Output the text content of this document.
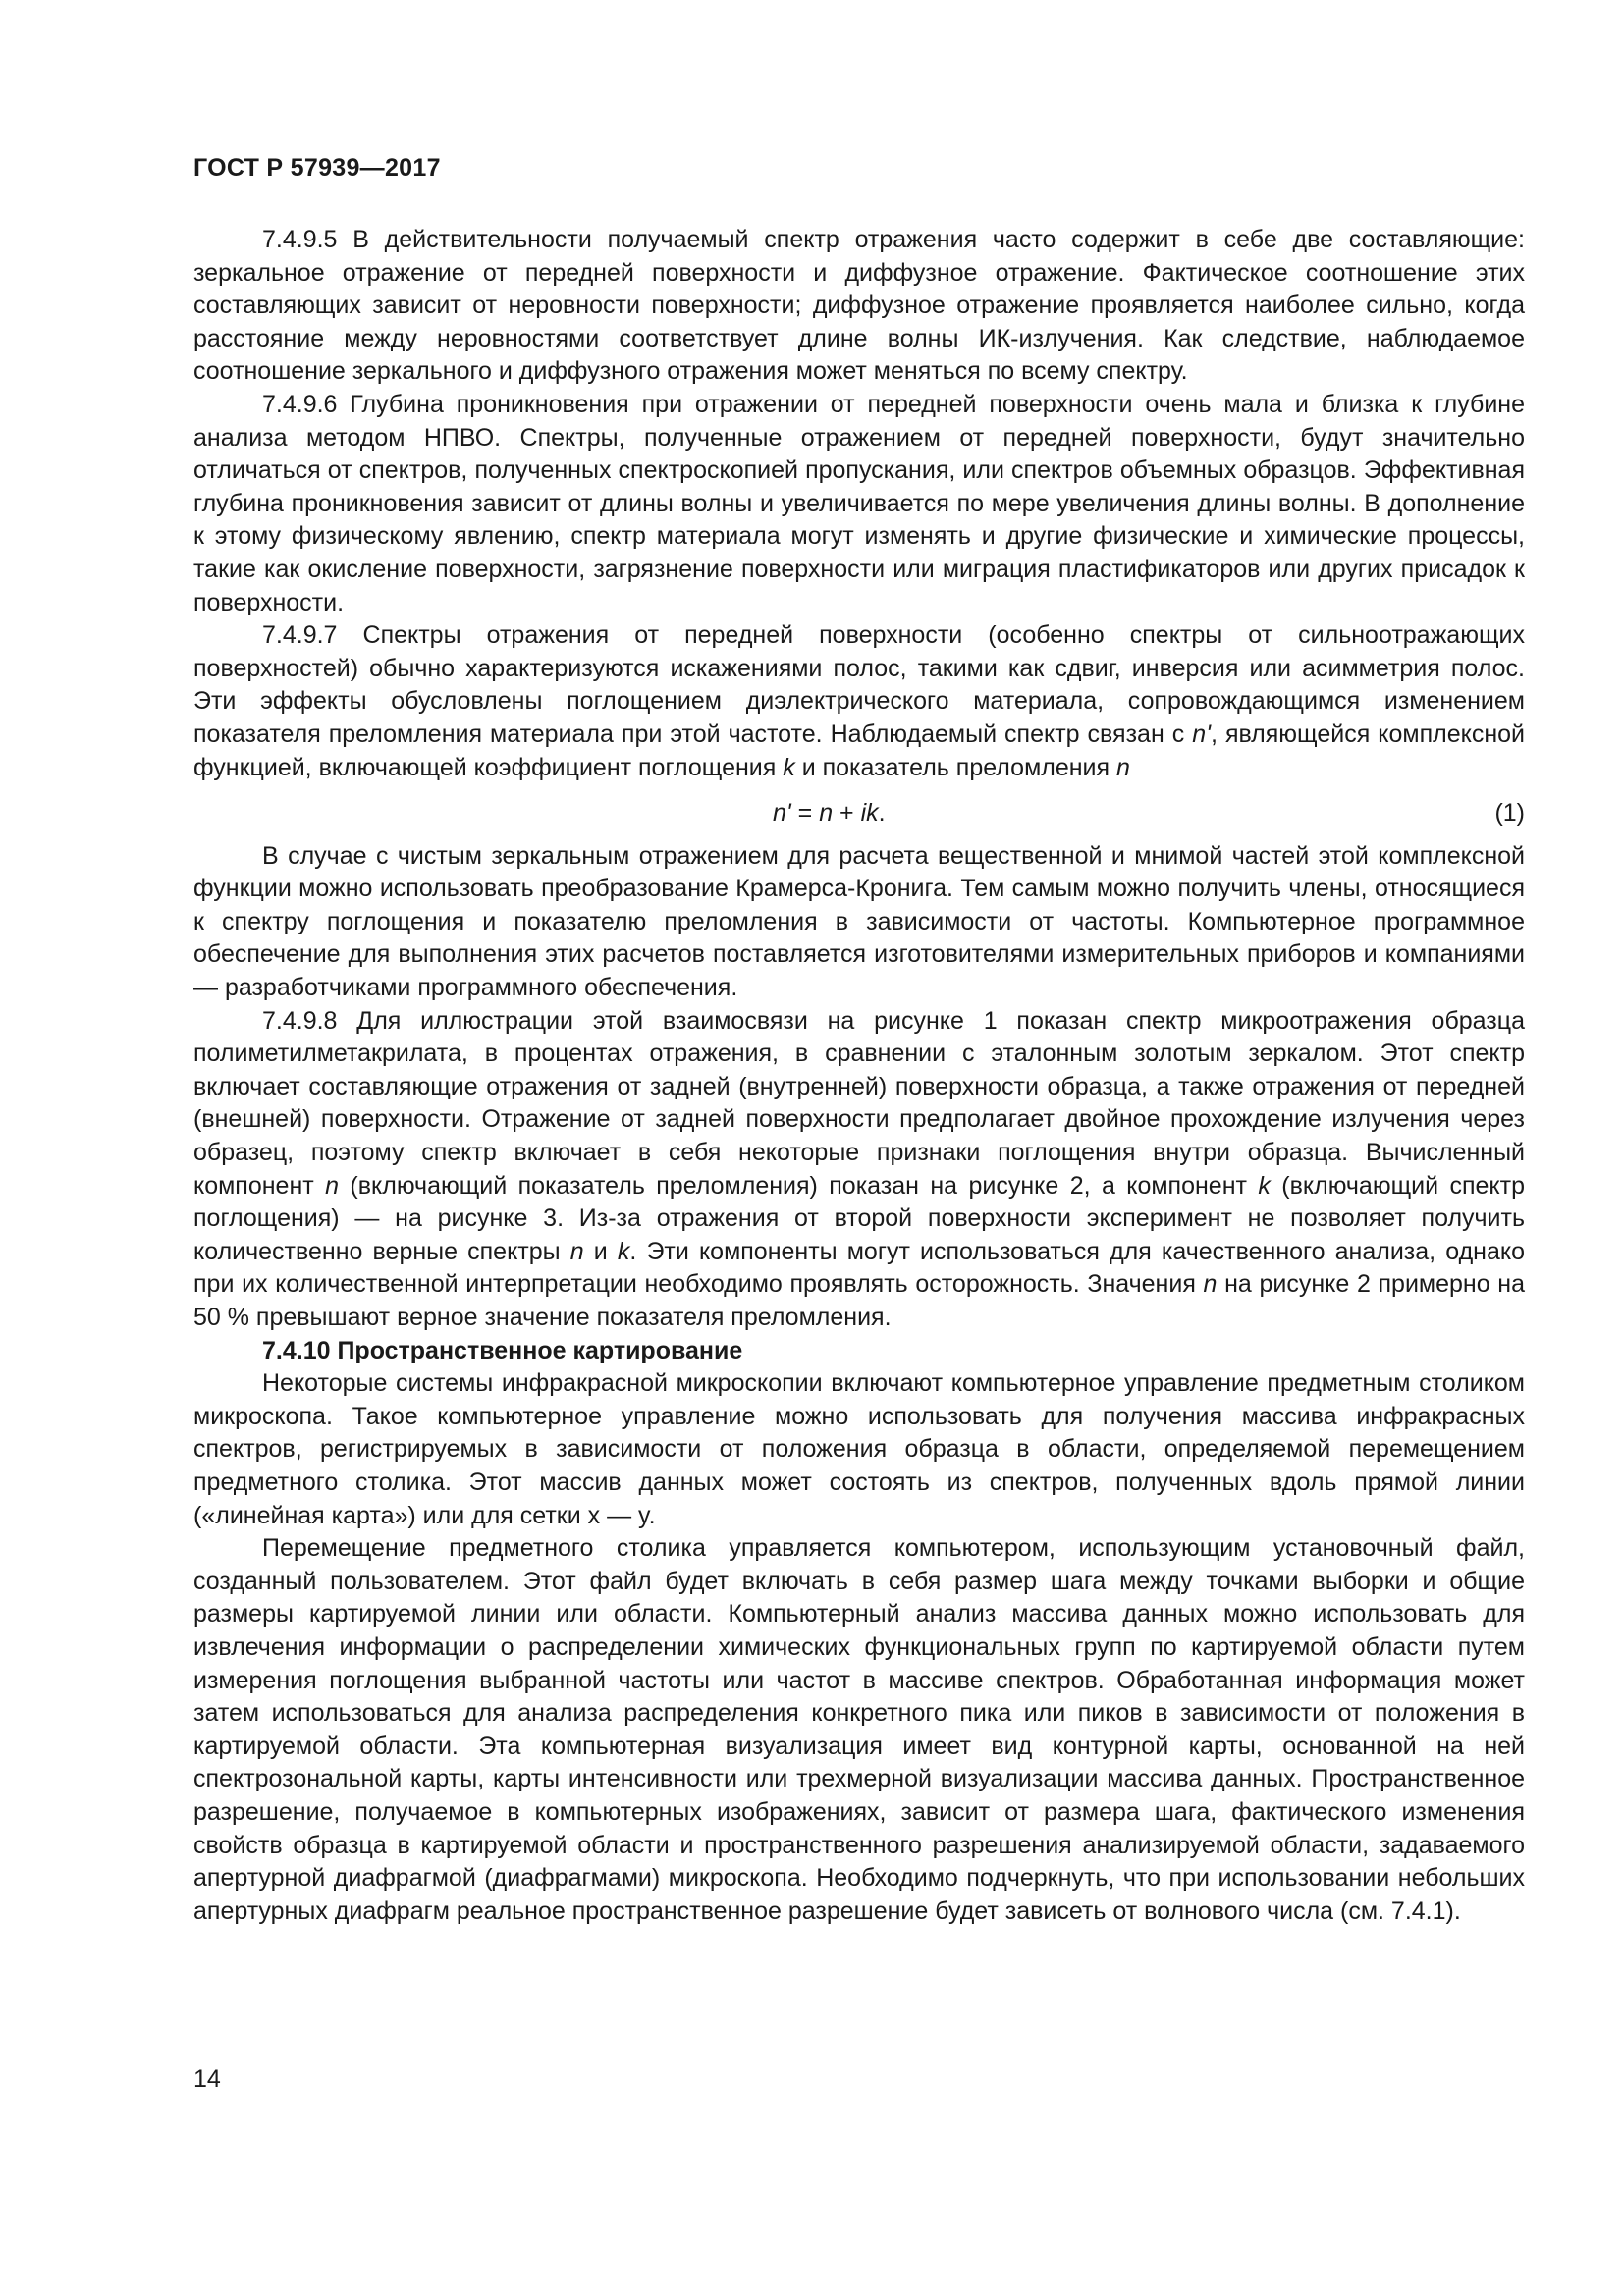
ГОСТ Р 57939—2017

7.4.9.5 В действительности получаемый спектр отражения часто содержит в себе две составляющие: зеркальное отражение от передней поверхности и диффузное отражение. Фактическое соотношение этих составляющих зависит от неровности поверхности; диффузное отражение проявляется наиболее сильно, когда расстояние между неровностями соответствует длине волны ИК-излучения. Как следствие, наблюдаемое соотношение зеркального и диффузного отражения может меняться по всему спектру.

7.4.9.6 Глубина проникновения при отражении от передней поверхности очень мала и близка к глубине анализа методом НПВО. Спектры, полученные отражением от передней поверхности, будут значительно отличаться от спектров, полученных спектроскопией пропускания, или спектров объемных образцов. Эффективная глубина проникновения зависит от длины волны и увеличивается по мере увеличения длины волны. В дополнение к этому физическому явлению, спектр материала могут изменять и другие физические и химические процессы, такие как окисление поверхности, загрязнение поверхности или миграция пластификаторов или других присадок к поверхности.

7.4.9.7 Спектры отражения от передней поверхности (особенно спектры от сильноотражающих поверхностей) обычно характеризуются искажениями полос, такими как сдвиг, инверсия или асимметрия полос. Эти эффекты обусловлены поглощением диэлектрического материала, сопровождающимся изменением показателя преломления материала при этой частоте. Наблюдаемый спектр связан с n', являющейся комплексной функцией, включающей коэффициент поглощения k и показатель преломления n

n' = n + ik.	(1)

В случае с чистым зеркальным отражением для расчета вещественной и мнимой частей этой комплексной функции можно использовать преобразование Крамерса-Кронига. Тем самым можно получить члены, относящиеся к спектру поглощения и показателю преломления в зависимости от частоты. Компьютерное программное обеспечение для выполнения этих расчетов поставляется изготовителями измерительных приборов и компаниями — разработчиками программного обеспечения.

7.4.9.8 Для иллюстрации этой взаимосвязи на рисунке 1 показан спектр микроотражения образца полиметилметакрилата, в процентах отражения, в сравнении с эталонным золотым зеркалом. Этот спектр включает составляющие отражения от задней (внутренней) поверхности образца, а также отражения от передней (внешней) поверхности. Отражение от задней поверхности предполагает двойное прохождение излучения через образец, поэтому спектр включает в себя некоторые признаки поглощения внутри образца. Вычисленный компонент n (включающий показатель преломления) показан на рисунке 2, а компонент k (включающий спектр поглощения) — на рисунке 3. Из-за отражения от второй поверхности эксперимент не позволяет получить количественно верные спектры n и k. Эти компоненты могут использоваться для качественного анализа, однако при их количественной интерпретации необходимо проявлять осторожность. Значения n на рисунке 2 примерно на 50 % превышают верное значение показателя преломления.

7.4.10 Пространственное картирование

Некоторые системы инфракрасной микроскопии включают компьютерное управление предметным столиком микроскопа. Такое компьютерное управление можно использовать для получения массива инфракрасных спектров, регистрируемых в зависимости от положения образца в области, определяемой перемещением предметного столика. Этот массив данных может состоять из спектров, полученных вдоль прямой линии («линейная карта») или для сетки x — y.

Перемещение предметного столика управляется компьютером, использующим установочный файл, созданный пользователем. Этот файл будет включать в себя размер шага между точками выборки и общие размеры картируемой линии или области. Компьютерный анализ массива данных можно использовать для извлечения информации о распределении химических функциональных групп по картируемой области путем измерения поглощения выбранной частоты или частот в массиве спектров. Обработанная информация может затем использоваться для анализа распределения конкретного пика или пиков в зависимости от положения в картируемой области. Эта компьютерная визуализация имеет вид контурной карты, основанной на ней спектрозональной карты, карты интенсивности или трехмерной визуализации массива данных. Пространственное разрешение, получаемое в компьютерных изображениях, зависит от размера шага, фактического изменения свойств образца в картируемой области и пространственного разрешения анализируемой области, задаваемого апертурной диафрагмой (диафрагмами) микроскопа. Необходимо подчеркнуть, что при использовании небольших апертурных диафрагм реальное пространственное разрешение будет зависеть от волнового числа (см. 7.4.1).

14
